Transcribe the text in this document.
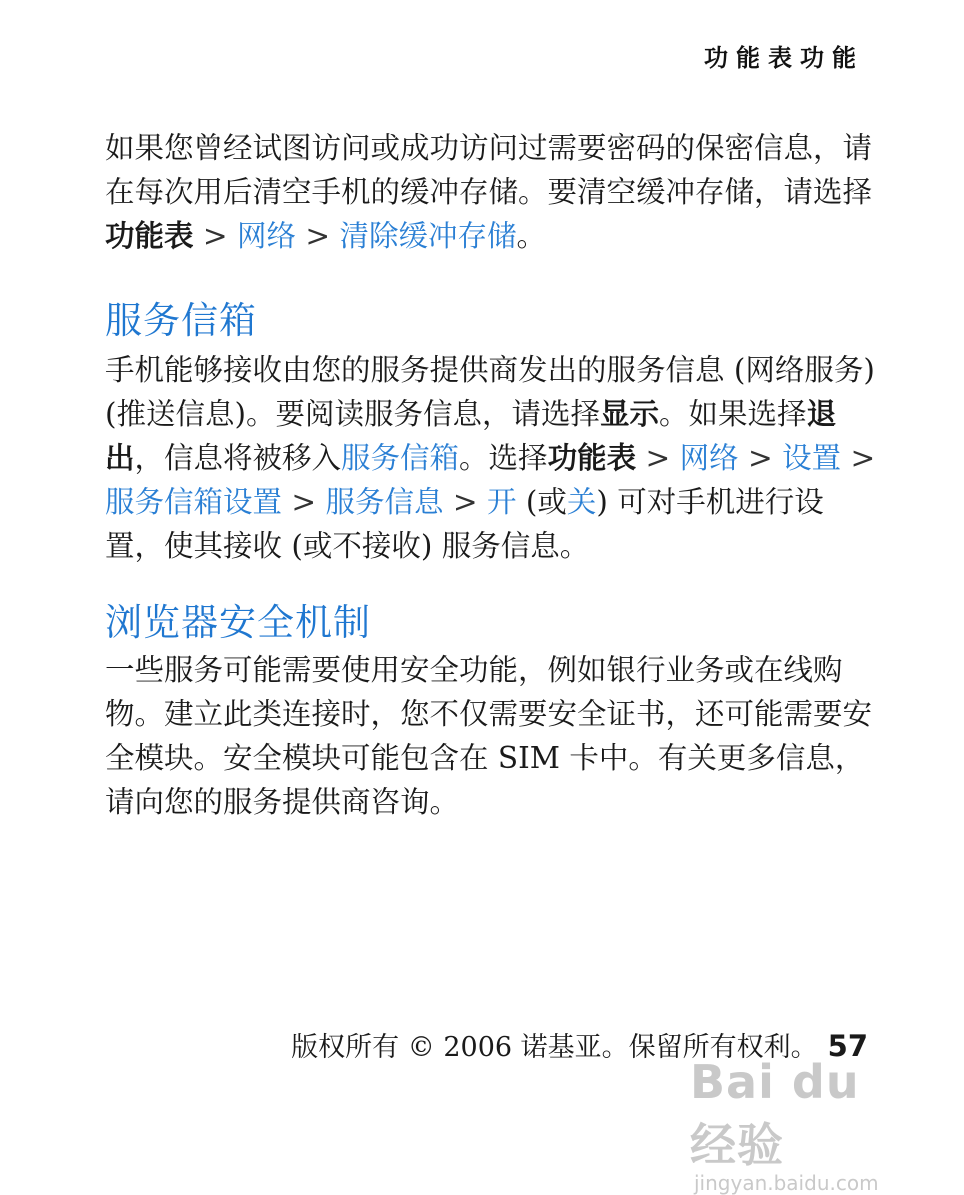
功能表功能

如果您曾经试图访问或成功访问过需要密码的保密信息，请在每次用后清空手机的缓冲存储。要清空缓冲存储，请选择功能表 > 网络 > 清除缓冲存储。

服务信箱

手机能够接收由您的服务提供商发出的服务信息 (网络服务) (推送信息)。要阅读服务信息，请选择显示。如果选择退出，信息将被移入服务信箱。选择功能表 > 网络 > 设置 > 服务信箱设置 > 服务信息 > 开 (或关) 可对手机进行设置，使其接收 (或不接收) 服务信息。

浏览器安全机制

一些服务可能需要使用安全功能，例如银行业务或在线购物。建立此类连接时，您不仅需要安全证书，还可能需要安全模块。安全模块可能包含在 SIM 卡中。有关更多信息，请向您的服务提供商咨询。

版权所有 © 2006 诺基亚。保留所有权利。 57
Bai du 经验
jingyan.baidu.com
